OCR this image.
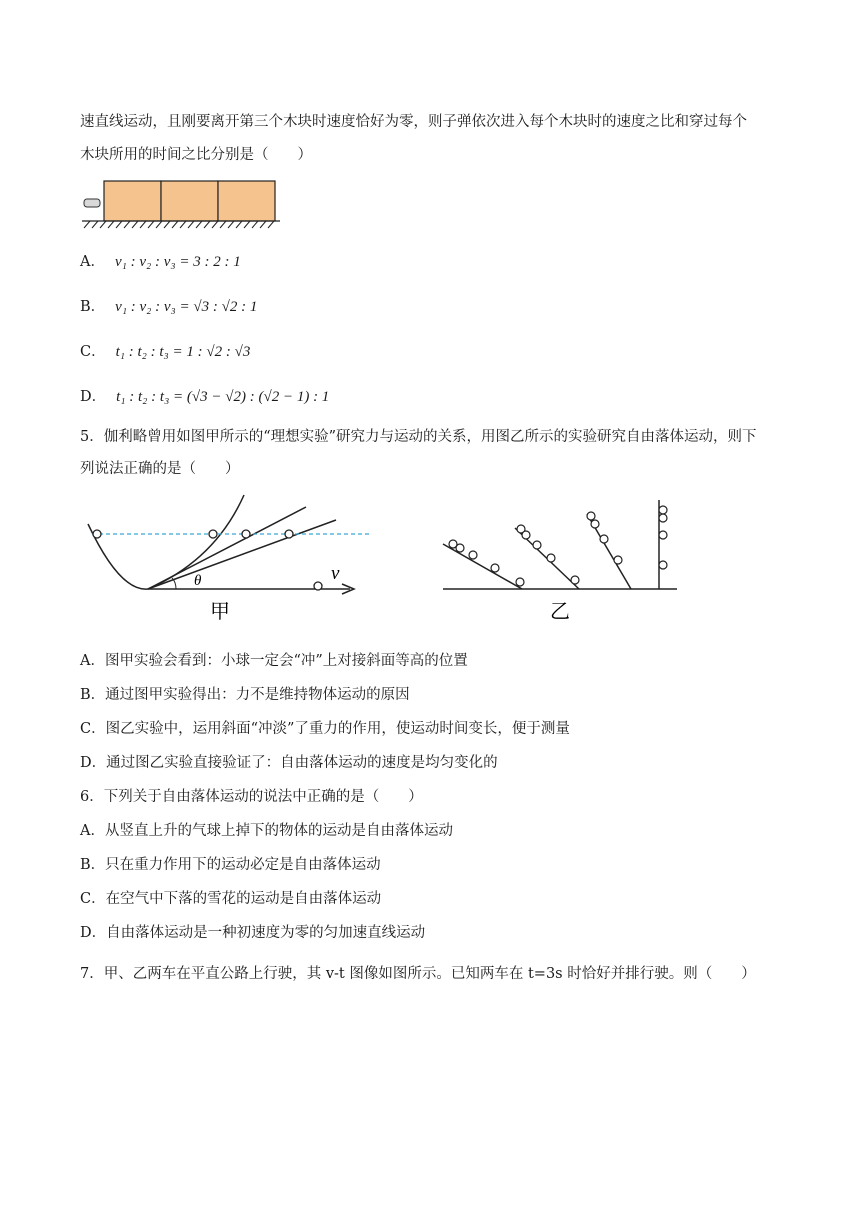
速直线运动，且刚要离开第三个木块时速度恰好为零，则子弹依次进入每个木块时的速度之比和穿过每个
木块所用的时间之比分别是（　　）
A． v₁ : v₂ : v₃ = 3 : 2 : 1
B． v₁ : v₂ : v₃ = √3 : √2 : 1
C． t₁ : t₂ : t₃ = 1 : √2 : √3
D． t₁ : t₂ : t₃ = (√3 − √2) : (√2 − 1) : 1
5．伽利略曾用如图甲所示的“理想实验”研究力与运动的关系，用图乙所示的实验研究自由落体运动，则下
列说法正确的是（　　）
θ	v
甲	乙
A．图甲实验会看到：小球一定会“冲”上对接斜面等高的位置
B．通过图甲实验得出：力不是维持物体运动的原因
C．图乙实验中，运用斜面“冲淡”了重力的作用，使运动时间变长，便于测量
D．通过图乙实验直接验证了：自由落体运动的速度是均匀变化的
6．下列关于自由落体运动的说法中正确的是（　　）
A．从竖直上升的气球上掉下的物体的运动是自由落体运动
B．只在重力作用下的运动必定是自由落体运动
C．在空气中下落的雪花的运动是自由落体运动
D．自由落体运动是一种初速度为零的匀加速直线运动
7．甲、乙两车在平直公路上行驶，其 v-t 图像如图所示。已知两车在 t=3s 时恰好并排行驶。则（　　）
